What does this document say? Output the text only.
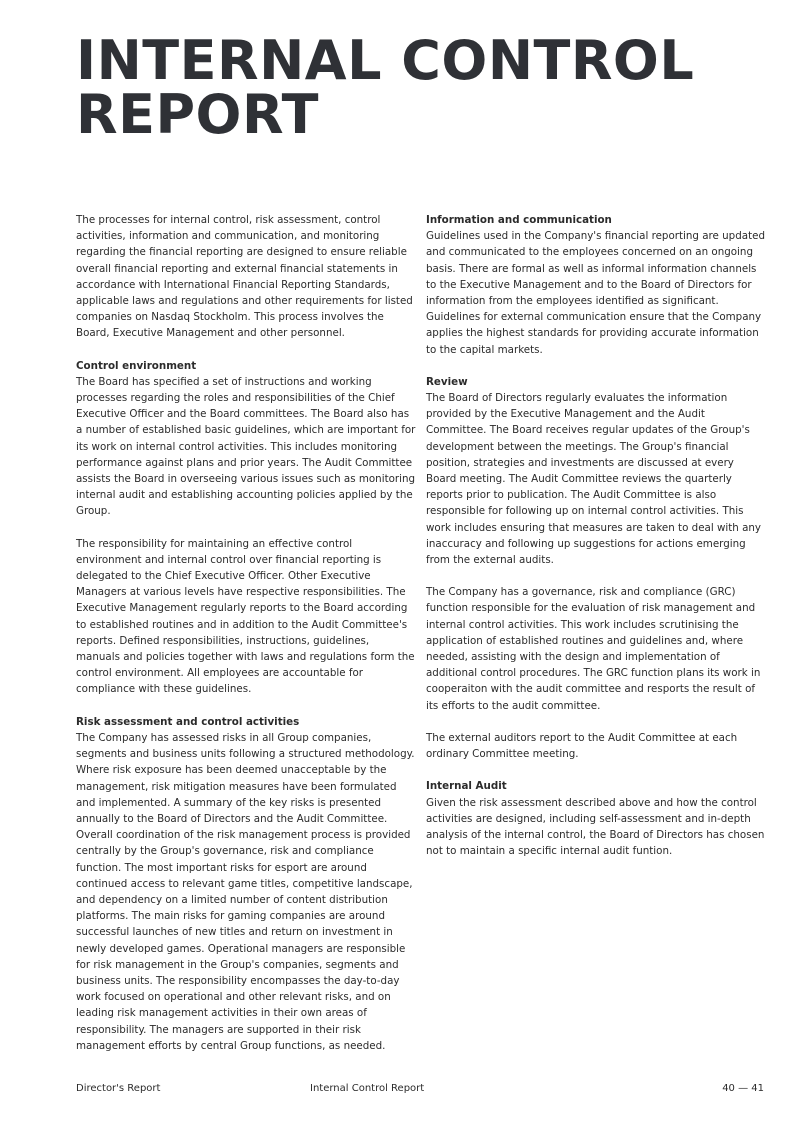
INTERNAL CONTROL REPORT

The processes for internal control, risk assessment, control activities, information and communication, and monitoring regarding the financial reporting are designed to ensure reliable overall financial reporting and external financial statements in accordance with International Financial Reporting Standards, applicable laws and regulations and other requirements for listed companies on Nasdaq Stockholm. This process involves the Board, Executive Management and other personnel.

Control environment

The Board has specified a set of instructions and working processes regarding the roles and responsibilities of the Chief Executive Officer and the Board committees. The Board also has a number of established basic guidelines, which are important for its work on internal control activities. This includes monitoring performance against plans and prior years. The Audit Committee assists the Board in overseeing various issues such as monitoring internal audit and establishing accounting policies applied by the Group.

The responsibility for maintaining an effective control environment and internal control over financial reporting is delegated to the Chief Executive Officer. Other Executive Managers at various levels have respective responsibilities. The Executive Management regularly reports to the Board according to established routines and in addition to the Audit Committee's reports. Defined responsibilities, instructions, guidelines, manuals and policies together with laws and regulations form the control environment. All employees are accountable for compliance with these guidelines.

Risk assessment and control activities

The Company has assessed risks in all Group companies, segments and business units following a structured methodology. Where risk exposure has been deemed unacceptable by the management, risk mitigation measures have been formulated and implemented. A summary of the key risks is presented annually to the Board of Directors and the Audit Committee. Overall coordination of the risk management process is provided centrally by the Group's governance, risk and compliance function. The most important risks for esport are around continued access to relevant game titles, competitive landscape, and dependency on a limited number of content distribution platforms. The main risks for gaming companies are around successful launches of new titles and return on investment in newly developed games. Operational managers are responsible for risk management in the Group's companies, segments and business units. The responsibility encompasses the day-to-day work focused on operational and other relevant risks, and on leading risk management activities in their own areas of responsibility. The managers are supported in their risk management efforts by central Group functions, as needed.

Information and communication

Guidelines used in the Company's financial reporting are updated and communicated to the employees concerned on an ongoing basis. There are formal as well as informal information channels to the Executive Management and to the Board of Directors for information from the employees identified as significant. Guidelines for external communication ensure that the Company applies the highest standards for providing accurate information to the capital markets.

Review

The Board of Directors regularly evaluates the information provided by the Executive Management and the Audit Committee. The Board receives regular updates of the Group's development between the meetings. The Group's financial position, strategies and investments are discussed at every Board meeting. The Audit Committee reviews the quarterly reports prior to publication. The Audit Committee is also responsible for following up on internal control activities. This work includes ensuring that measures are taken to deal with any inaccuracy and following up suggestions for actions emerging from the external audits.

The Company has a governance, risk and compliance (GRC) function responsible for the evaluation of risk management and internal control activities. This work includes scrutinising the application of established routines and guidelines and, where needed, assisting with the design and implementation of additional control procedures. The GRC function plans its work in cooperaiton with the audit committee and resports the result of its efforts to the audit committee.

The external auditors report to the Audit Committee at each ordinary Committee meeting.

Internal Audit

Given the risk assessment described above and how the control activities are designed, including self-assessment and in-depth analysis of the internal control, the Board of Directors has chosen not to maintain a specific internal audit funtion.

Director's Report	Internal Control Report	40 — 41
